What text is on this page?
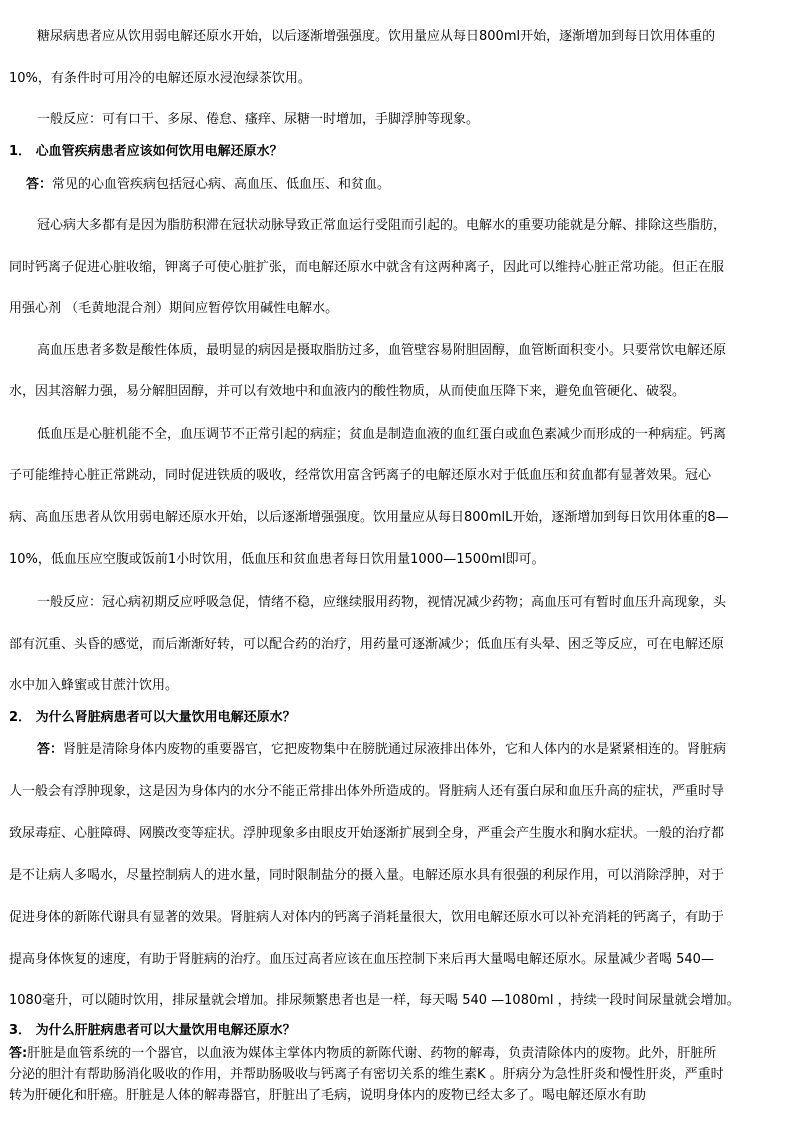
糖尿病患者应从饮用弱电解还原水开始，以后逐渐增强强度。饮用量应从每日800ml开始，逐渐增加到每日饮用体重的
10%，有条件时可用冷的电解还原水浸泡绿茶饮用。
一般反应：可有口干、多尿、倦怠、瘙痒、尿糖一时增加，手脚浮肿等现象。
1． 心血管疾病患者应该如何饮用电解还原水？
答：常见的心血管疾病包括冠心病、高血压、低血压、和贫血。
冠心病大多都有是因为脂肪积滞在冠状动脉导致正常血运行受阻而引起的。电解水的重要功能就是分解、排除这些脂肪，
同时钙离子促进心脏收缩，钾离子可使心脏扩张，而电解还原水中就含有这两种离子，因此可以维持心脏正常功能。但正在服
用强心剂 （毛黄地混合剂）期间应暂停饮用碱性电解水。
高血压患者多数是酸性体质，最明显的病因是摄取脂肪过多，血管壁容易附胆固醇，血管断面积变小。只要常饮电解还原
水，因其溶解力强，易分解胆固醇，并可以有效地中和血液内的酸性物质，从而使血压降下来，避免血管硬化、破裂。
低血压是心脏机能不全，血压调节不正常引起的病症；贫血是制造血液的血红蛋白或血色素减少而形成的一种病症。钙离
子可能维持心脏正常跳动，同时促进铁质的吸收，经常饮用富含钙离子的电解还原水对于低血压和贫血都有显著效果。冠心
病、高血压患者从饮用弱电解还原水开始，以后逐渐增强强度。饮用量应从每日800mlL开始，逐渐增加到每日饮用体重的8—
10%，低血压应空腹或饭前1小时饮用，低血压和贫血患者每日饮用量1000—1500ml即可。
一般反应：冠心病初期反应呼吸急促，情绪不稳，应继续服用药物，视情况减少药物；高血压可有暂时血压升高现象，头
部有沉重、头昏的感觉，而后渐渐好转，可以配合药的治疗，用药量可逐渐减少；低血压有头晕、困乏等反应，可在电解还原
水中加入蜂蜜或甘蔗汁饮用。
2． 为什么肾脏病患者可以大量饮用电解还原水？
答：肾脏是清除身体内废物的重要器官，它把废物集中在膀胱通过尿液排出体外，它和人体内的水是紧紧相连的。肾脏病
人一般会有浮肿现象，这是因为身体内的水分不能正常排出体外所造成的。肾脏病人还有蛋白尿和血压升高的症状，严重时导
致尿毒症、心脏障碍、网膜改变等症状。浮肿现象多由眼皮开始逐渐扩展到全身，严重会产生腹水和胸水症状。一般的治疗都
是不让病人多喝水，尽量控制病人的进水量，同时限制盐分的摄入量。电解还原水具有很强的利尿作用，可以消除浮肿，对于
促进身体的新陈代谢具有显著的效果。肾脏病人对体内的钙离子消耗量很大，饮用电解还原水可以补充消耗的钙离子，有助于
提高身体恢复的速度，有助于肾脏病的治疗。血压过高者应该在血压控制下来后再大量喝电解还原水。尿量减少者喝 540—
1080毫升，可以随时饮用，排尿量就会增加。排尿频繁患者也是一样，每天喝 540 —1080ml ，持续一段时间尿量就会增加。
3． 为什么肝脏病患者可以大量饮用电解还原水？
答:肝脏是血管系统的一个器官，以血液为媒体主掌体内物质的新陈代谢、药物的解毒，负责清除体内的废物。此外，肝脏所
分泌的胆汁有帮助肠消化吸收的作用，并帮助肠吸收与钙离子有密切关系的维生素K 。肝病分为急性肝炎和慢性肝炎，严重时
转为肝硬化和肝癌。肝脏是人体的解毒器官，肝脏出了毛病，说明身体内的废物已经太多了。喝电解还原水有助
